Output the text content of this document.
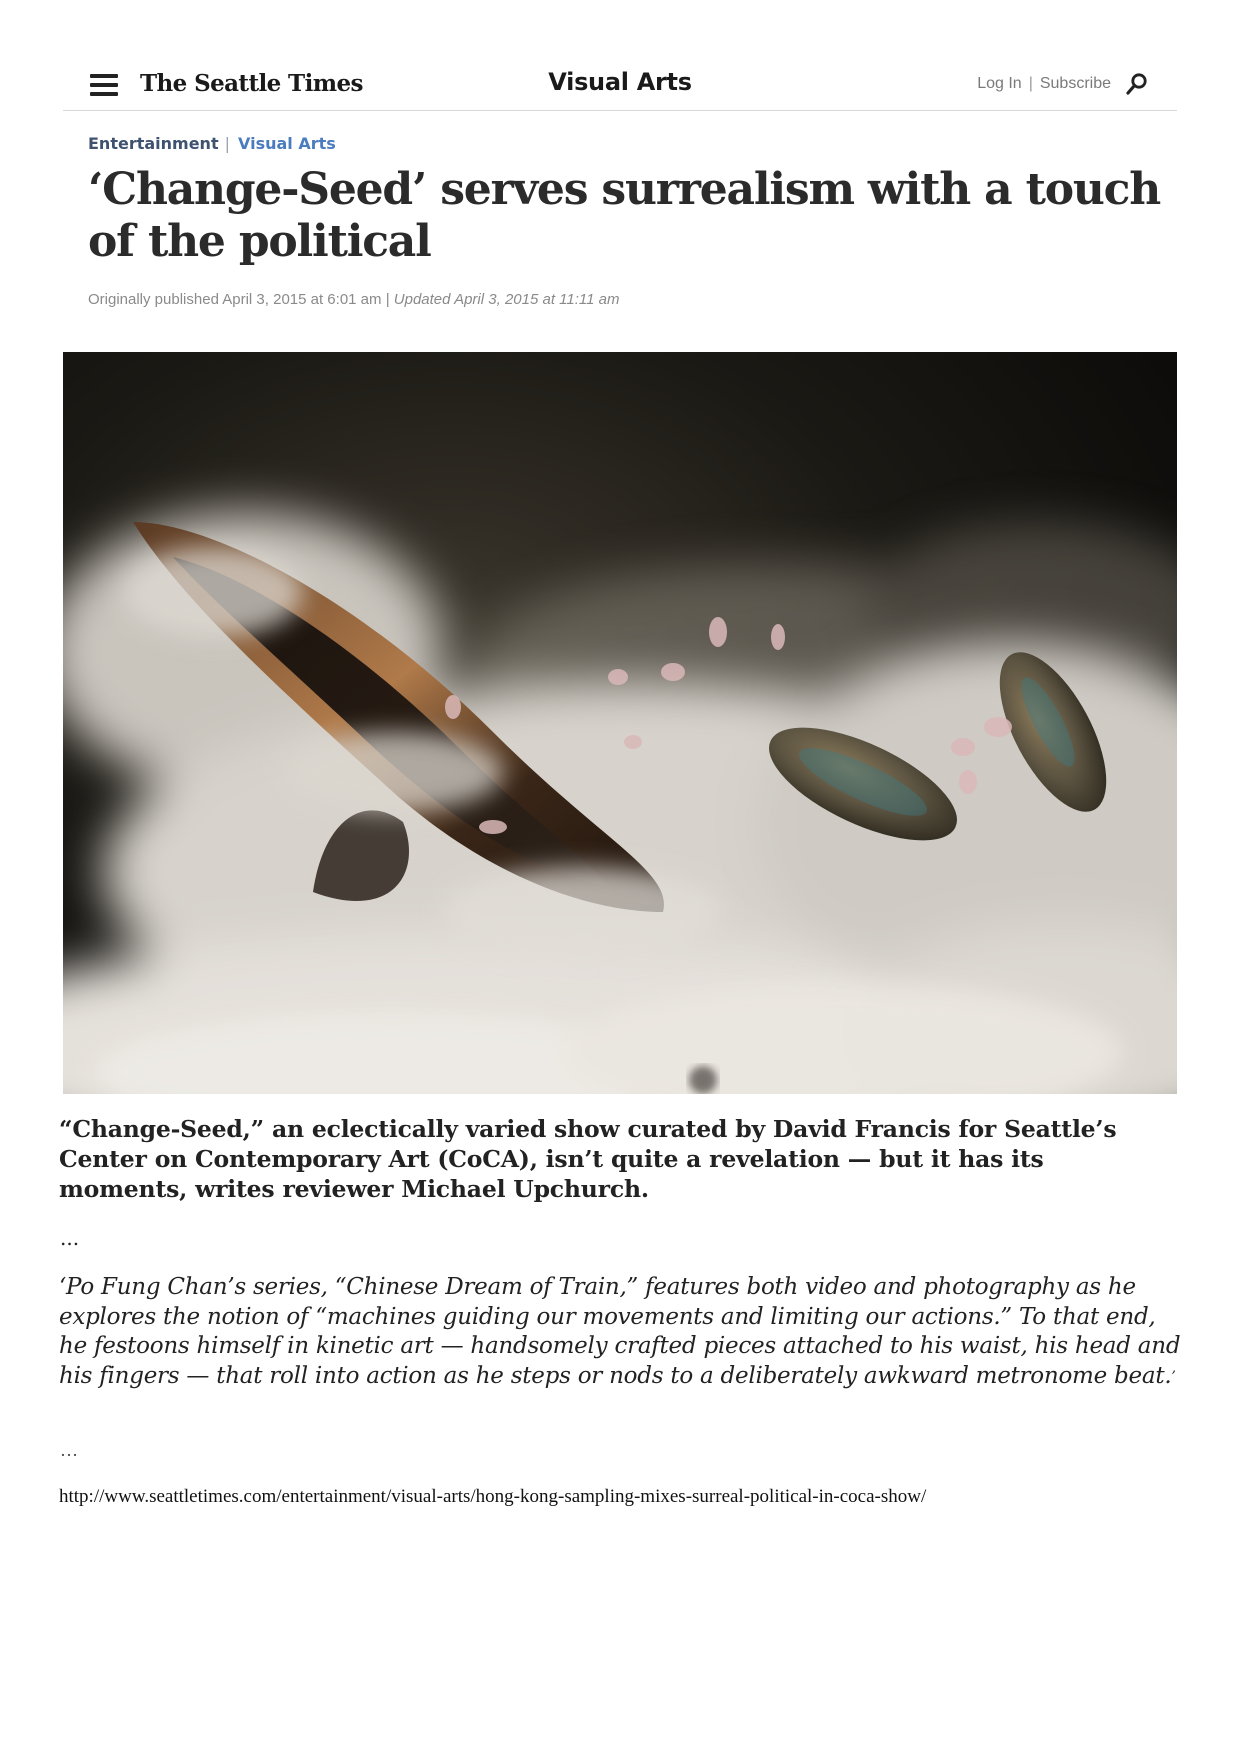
The Seattle Times	Visual Arts	Log In | Subscribe
Entertainment | Visual Arts
‘Change-Seed’ serves surrealism with a touch of the political
Originally published April 3, 2015 at 6:01 am | Updated April 3, 2015 at 11:11 am

“Change-Seed,” an eclectically varied show curated by David Francis for Seattle’s Center on Contemporary Art (CoCA), isn’t quite a revelation — but it has its moments, writes reviewer Michael Upchurch.

...

‘Po Fung Chan’s series, “Chinese Dream of Train,” features both video and photography as he explores the notion of “machines guiding our movements and limiting our actions.” To that end, he festoons himself in kinetic art — handsomely crafted pieces attached to his waist, his head and his fingers — that roll into action as he steps or nods to a deliberately awkward metronome beat.’

…
http://www.seattletimes.com/entertainment/visual-arts/hong-kong-sampling-mixes-surreal-political-in-coca-show/
